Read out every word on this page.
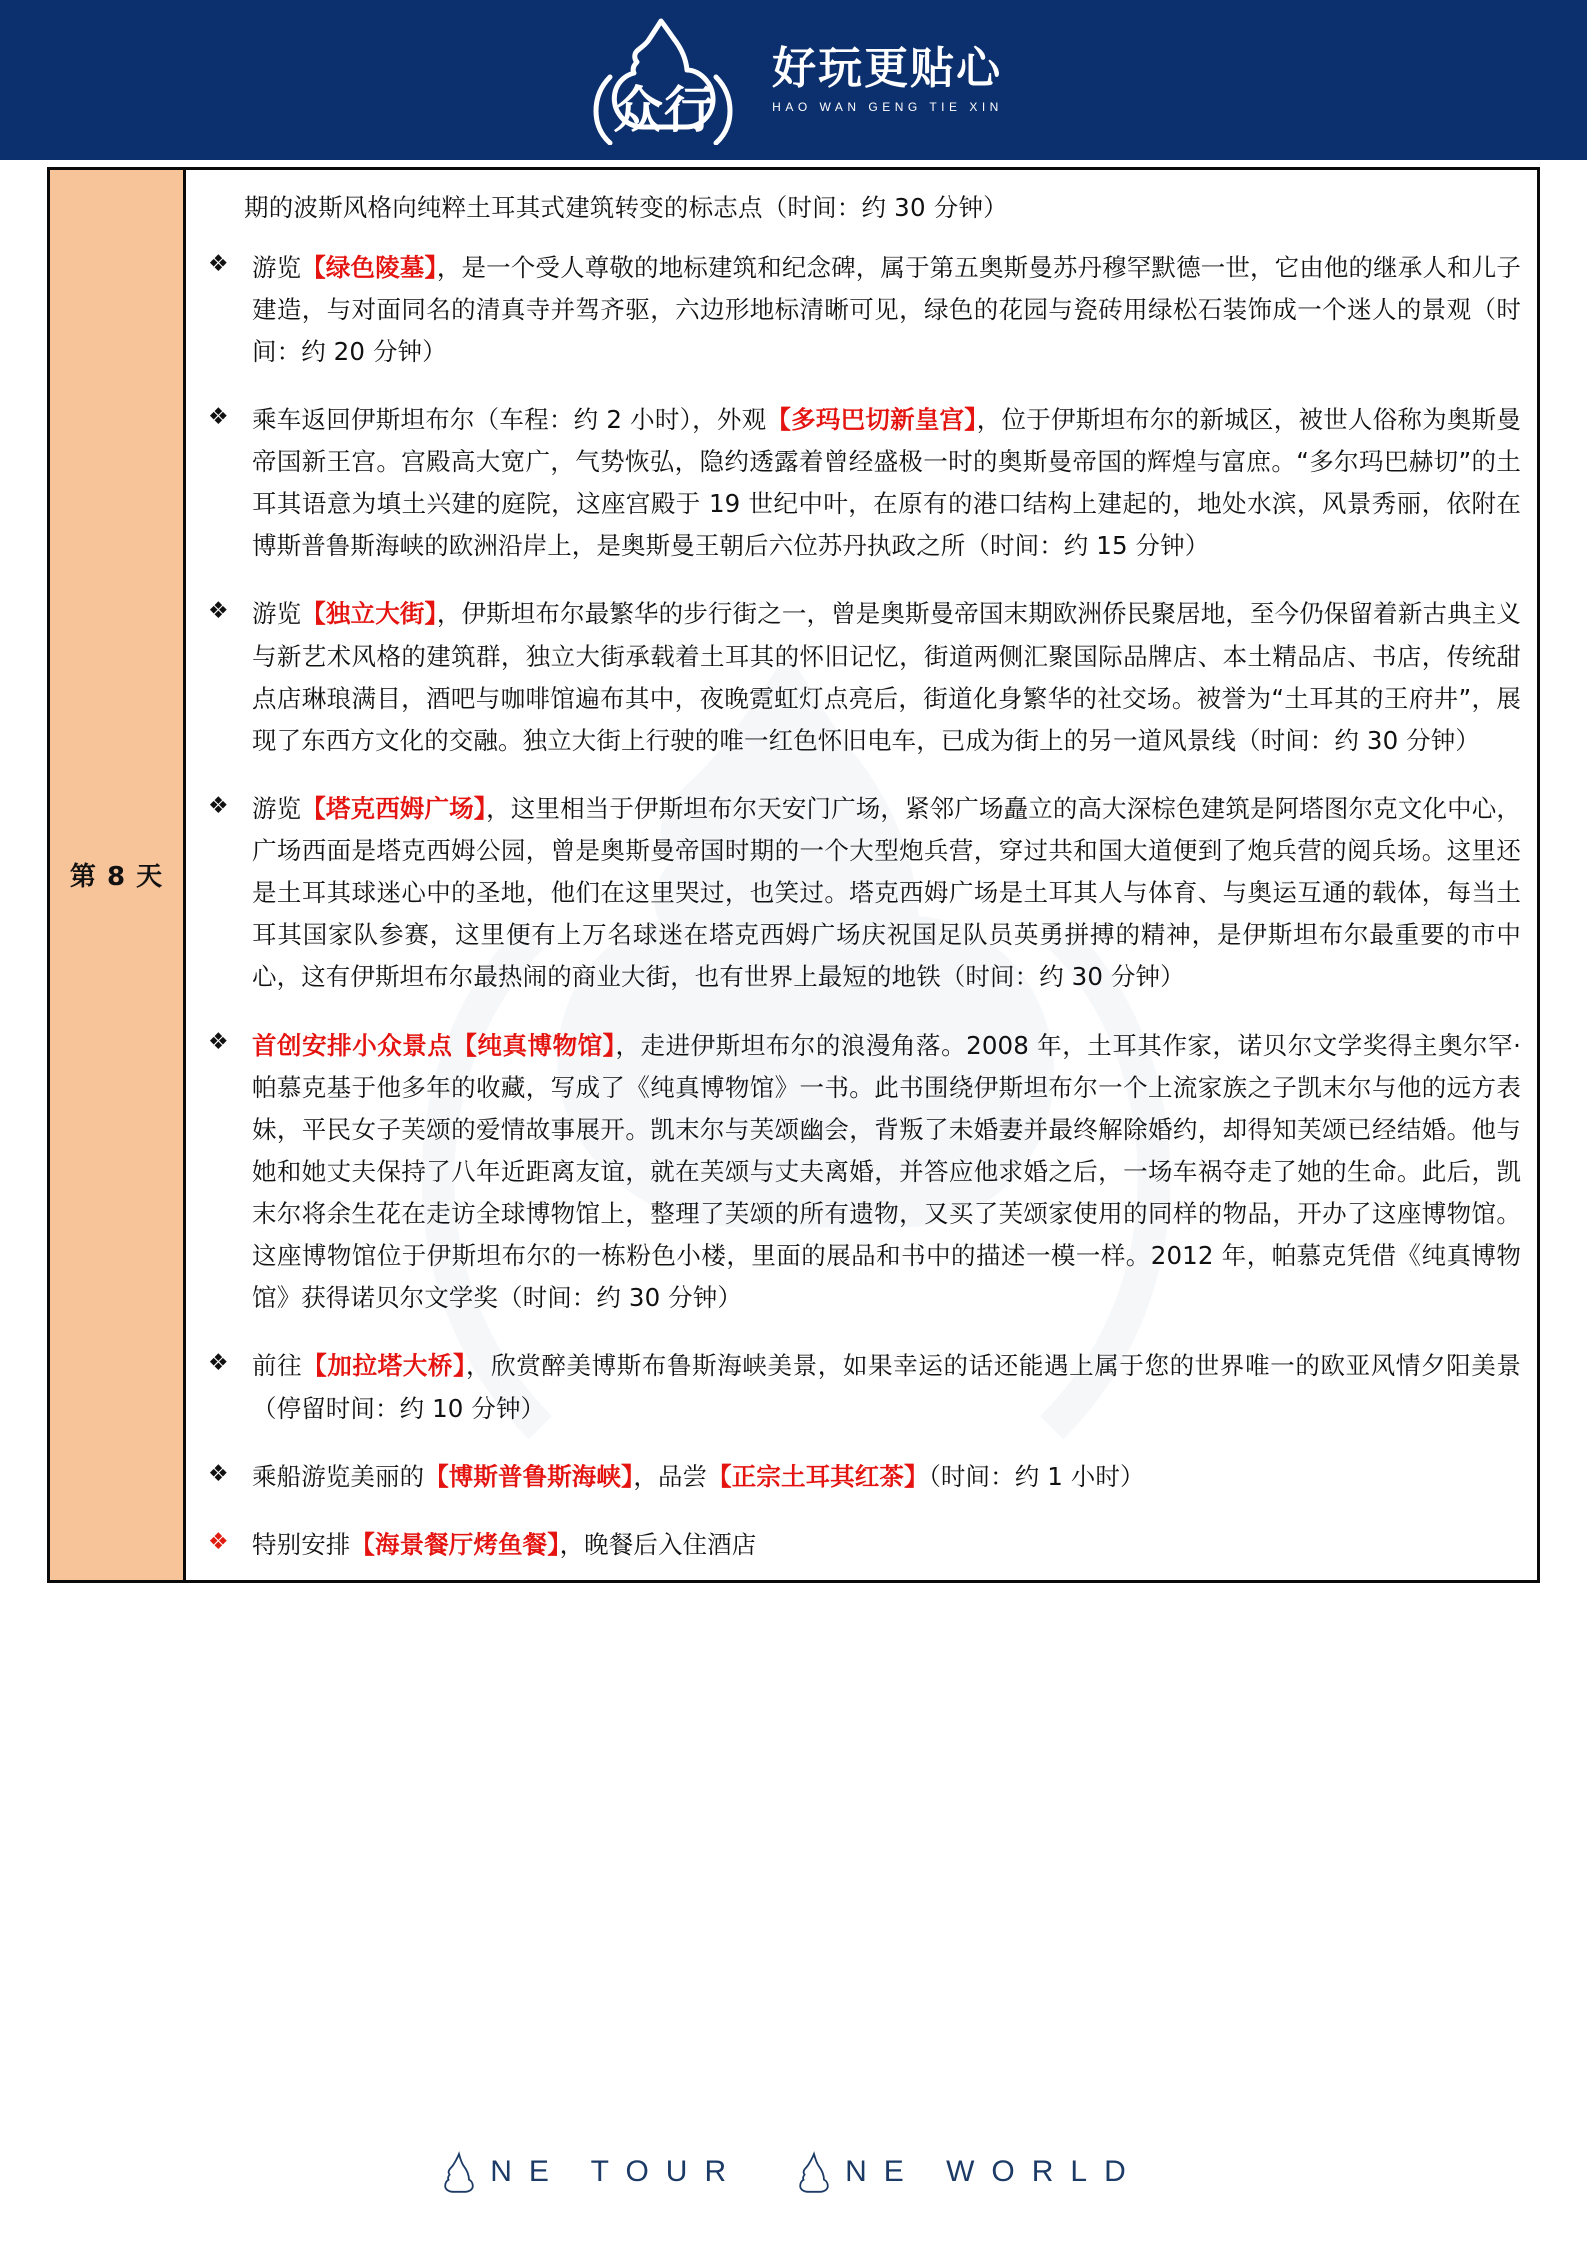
众行
好玩更贴心
HAO WAN GENG TIE XIN
第 8 天	
期的波斯风格向纯粹土耳其式建筑转变的标志点（时间：约 30 分钟）
❖ 游览【绿色陵墓】，是一个受人尊敬的地标建筑和纪念碑，属于第五奥斯曼苏丹穆罕默德一世，它由他的继承人和儿子建造，与对面同名的清真寺并驾齐驱，六边形地标清晰可见，绿色的花园与瓷砖用绿松石装饰成一个迷人的景观（时间：约 20 分钟）
❖ 乘车返回伊斯坦布尔（车程：约 2 小时），外观【多玛巴切新皇宫】，位于伊斯坦布尔的新城区，被世人俗称为奥斯曼帝国新王宫。宫殿高大宽广，气势恢弘，隐约透露着曾经盛极一时的奥斯曼帝国的辉煌与富庶。“多尔玛巴赫切”的土耳其语意为填土兴建的庭院，这座宫殿于 19 世纪中叶，在原有的港口结构上建起的，地处水滨，风景秀丽，依附在博斯普鲁斯海峡的欧洲沿岸上，是奥斯曼王朝后六位苏丹执政之所（时间：约 15 分钟）
❖ 游览【独立大街】，伊斯坦布尔最繁华的步行街之一，曾是奥斯曼帝国末期欧洲侨民聚居地，至今仍保留着新古典主义与新艺术风格的建筑群，独立大街承载着土耳其的怀旧记忆，街道两侧汇聚国际品牌店、本土精品店、书店，传统甜点店琳琅满目，酒吧与咖啡馆遍布其中，夜晚霓虹灯点亮后，街道化身繁华的社交场。被誉为“土耳其的王府井”，展现了东西方文化的交融。独立大街上行驶的唯一红色怀旧电车，已成为街上的另一道风景线（时间：约 30 分钟）
❖ 游览【塔克西姆广场】，这里相当于伊斯坦布尔天安门广场，紧邻广场矗立的高大深棕色建筑是阿塔图尔克文化中心，广场西面是塔克西姆公园，曾是奥斯曼帝国时期的一个大型炮兵营，穿过共和国大道便到了炮兵营的阅兵场。这里还是土耳其球迷心中的圣地，他们在这里哭过，也笑过。塔克西姆广场是土耳其人与体育、与奥运互通的载体，每当土耳其国家队参赛，这里便有上万名球迷在塔克西姆广场庆祝国足队员英勇拼搏的精神，是伊斯坦布尔最重要的市中心，这有伊斯坦布尔最热闹的商业大街，也有世界上最短的地铁（时间：约 30 分钟）
❖ 首创安排小众景点【纯真博物馆】，走进伊斯坦布尔的浪漫角落。2008 年，土耳其作家，诺贝尔文学奖得主奥尔罕·帕慕克基于他多年的收藏，写成了《纯真博物馆》一书。此书围绕伊斯坦布尔一个上流家族之子凯末尔与他的远方表妹，平民女子芙颂的爱情故事展开。凯末尔与芙颂幽会，背叛了未婚妻并最终解除婚约，却得知芙颂已经结婚。他与她和她丈夫保持了八年近距离友谊，就在芙颂与丈夫离婚，并答应他求婚之后，一场车祸夺走了她的生命。此后，凯末尔将余生花在走访全球博物馆上，整理了芙颂的所有遗物，又买了芙颂家使用的同样的物品，开办了这座博物馆。这座博物馆位于伊斯坦布尔的一栋粉色小楼，里面的展品和书中的描述一模一样。2012 年，帕慕克凭借《纯真博物馆》获得诺贝尔文学奖（时间：约 30 分钟）
❖ 前往【加拉塔大桥】，欣赏醉美博斯布鲁斯海峡美景，如果幸运的话还能遇上属于您的世界唯一的欧亚风情夕阳美景（停留时间：约 10 分钟）
❖ 乘船游览美丽的【博斯普鲁斯海峡】，品尝【正宗土耳其红茶】（时间：约 1 小时）
❖ 特别安排【海景餐厅烤鱼餐】，晚餐后入住酒店
NE TOUR	NE WORLD
